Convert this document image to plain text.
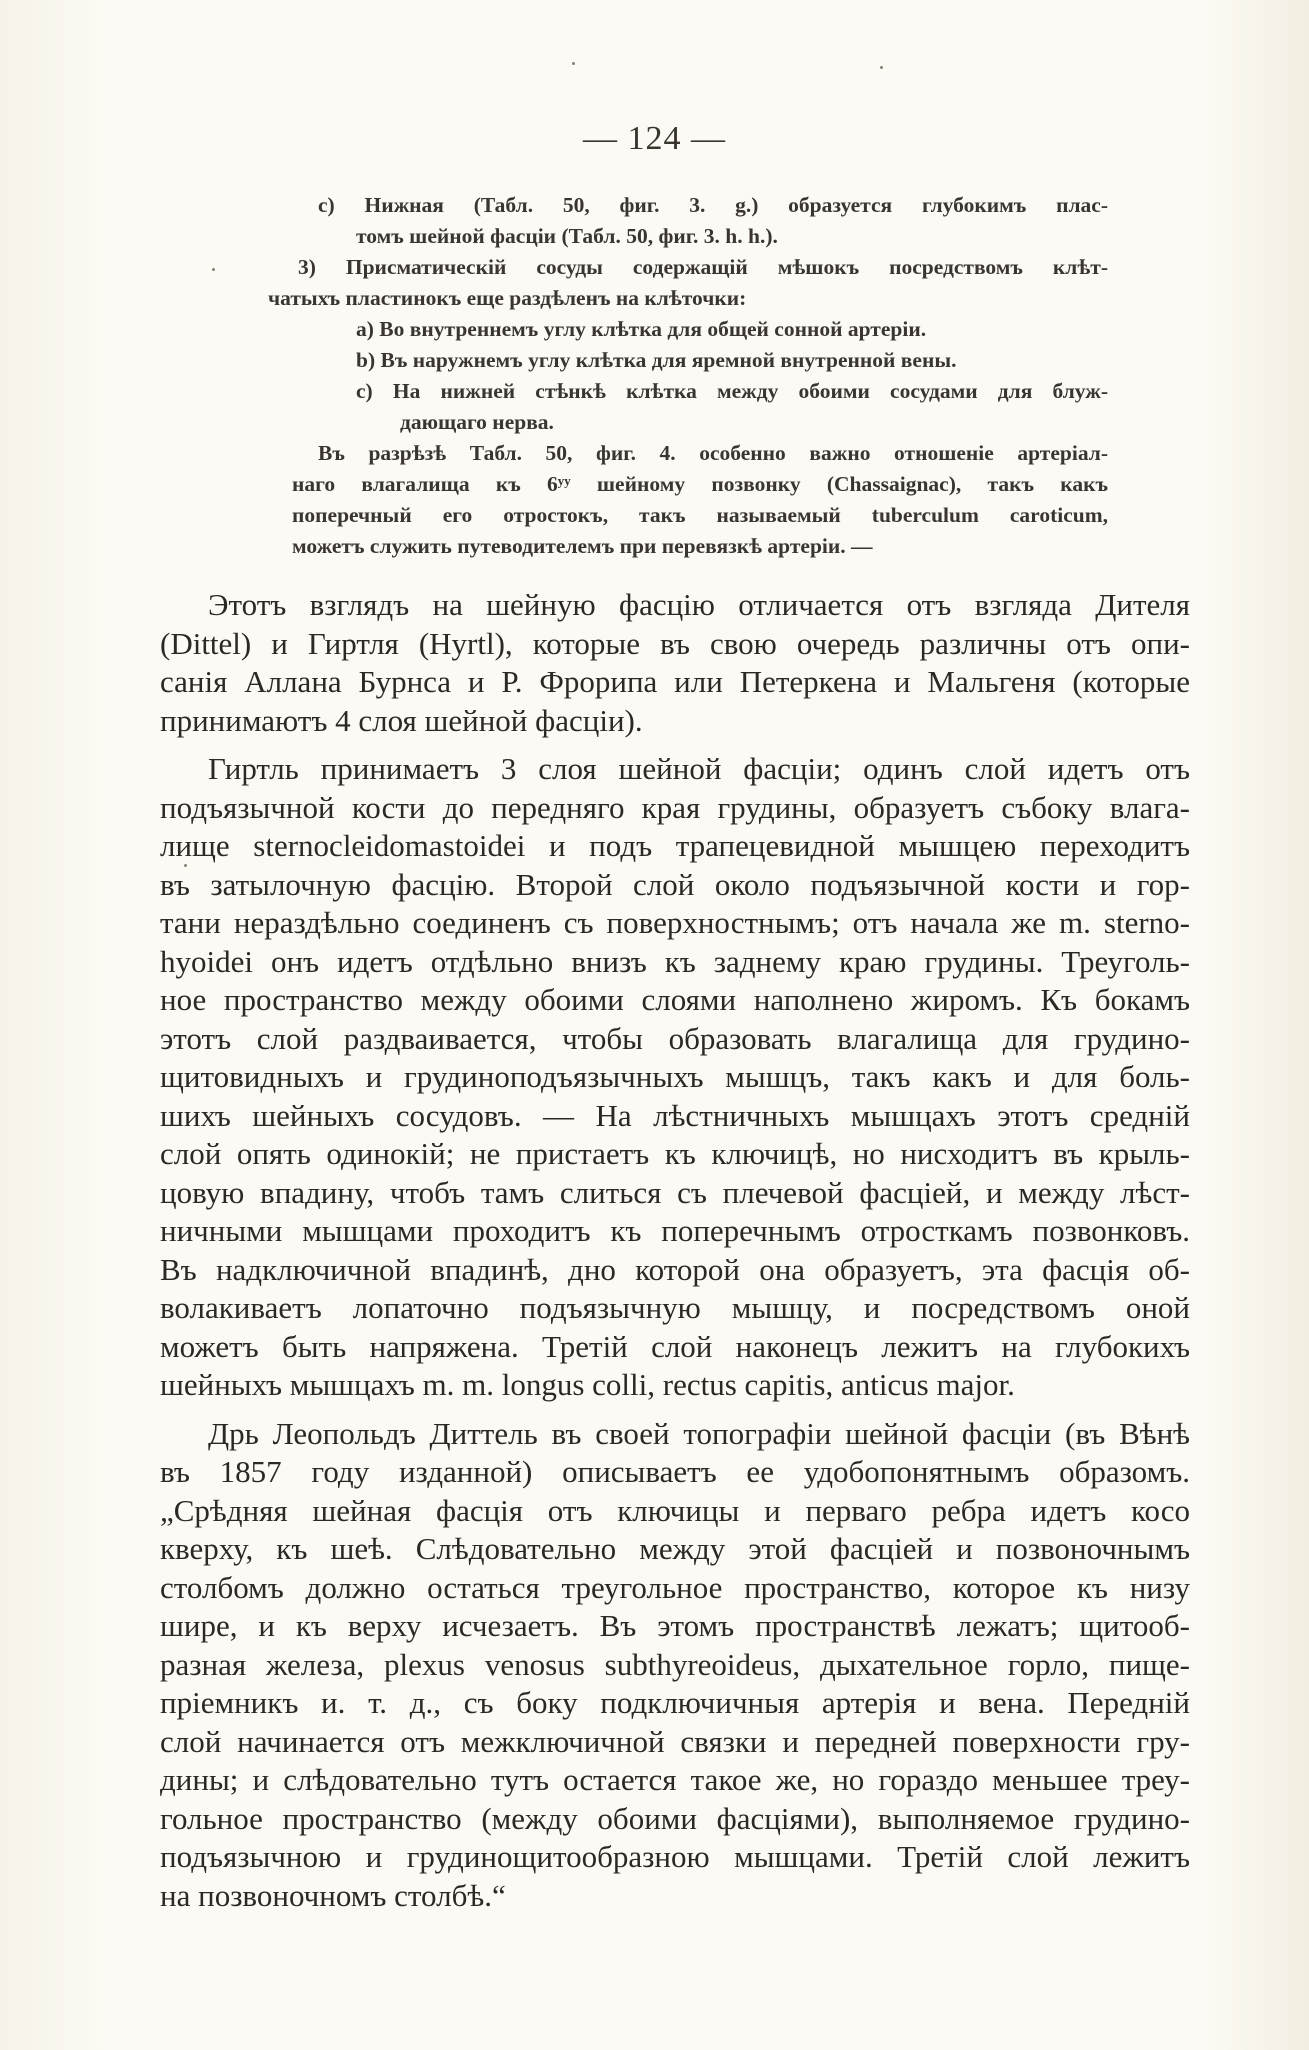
— 124 —
c) Нижная (Табл. 50, фиг. 3. g.) образуется глубокимъ плас-
томъ шейной фасціи (Табл. 50, фиг. 3. h. h.).
3) Присматическій сосуды содержащій мѣшокъ посредствомъ клѣт-
чатыхъ пластинокъ еще раздѣленъ на клѣточки:
a) Во внутреннемъ углу клѣтка для общей сонной артеріи.
b) Въ наружнемъ углу клѣтка для яремной внутренной вены.
c) На нижней стѣнкѣ клѣтка между обоими сосудами для блуж-
дающаго нерва.
Въ разрѣзѣ Табл. 50, фиг. 4. особенно важно отношеніе артеріал-
наго влагалища къ 6ʸʸ шейному позвонку (Chassaignac), такъ какъ
поперечный его отростокъ, такъ называемый tuberculum caroticum,
можетъ служить путеводителемъ при перевязкѣ артеріи. —
Этотъ взглядъ на шейную фасцію отличается отъ взгляда Дителя
(Dittel) и Гиртля (Hyrtl), которые въ свою очередь различны отъ опи-
санія Аллана Бурнса и Р. Фрорипа или Петеркена и Мальгеня (которые
принимаютъ 4 слоя шейной фасціи).
Гиртль принимаетъ 3 слоя шейной фасціи; одинъ слой идетъ отъ
подъязычной кости до передняго края грудины, образуетъ събоку влага-
лище sternocleidomastoidei и подъ трапецевидной мышцею переходитъ
въ затылочную фасцію. Второй слой около подъязычной кости и гор-
тани нераздѣльно соединенъ съ поверхностнымъ; отъ начала же m. sterno-
hyoidei онъ идетъ отдѣльно внизъ къ заднему краю грудины. Треуголь-
ное пространство между обоими слоями наполнено жиромъ. Къ бокамъ
этотъ слой раздваивается, чтобы образовать влагалища для грудино-
щитовидныхъ и грудиноподъязычныхъ мышцъ, такъ какъ и для боль-
шихъ шейныхъ сосудовъ. — На лѣстничныхъ мышцахъ этотъ средній
слой опять одинокій; не пристаетъ къ ключицѣ, но нисходитъ въ крыль-
цовую впадину, чтобъ тамъ слиться съ плечевой фасціей, и между лѣст-
ничными мышцами проходитъ къ поперечнымъ отросткамъ позвонковъ.
Въ надключичной впадинѣ, дно которой она образуетъ, эта фасція об-
волакиваетъ лопаточно подъязычную мышцу, и посредствомъ оной
можетъ быть напряжена. Третій слой наконецъ лежитъ на глубокихъ
шейныхъ мышцахъ m. m. longus colli, rectus capitis, anticus major.
Дрь Леопольдъ Диттель въ своей топографіи шейной фасціи (въ Вѣнѣ
въ 1857 году изданной) описываетъ ее удобопонятнымъ образомъ.
„Срѣдняя шейная фасція отъ ключицы и перваго ребра идетъ косо
кверху, къ шеѣ. Слѣдовательно между этой фасціей и позвоночнымъ
столбомъ должно остаться треугольное пространство, которое къ низу
шире, и къ верху исчезаетъ. Въ этомъ пространствѣ лежатъ; щитооб-
разная железа, plexus venosus subthyreoideus, дыхательное горло, пище-
пріемникъ и. т. д., съ боку подключичныя артерія и вена. Передній
слой начинается отъ межключичной связки и передней поверхности гру-
дины; и слѣдовательно тутъ остается такое же, но гораздо меньшее треу-
гольное пространство (между обоими фасціями), выполняемое грудино-
подъязычною и грудинощитообразною мышцами. Третій слой лежитъ
на позвоночномъ столбѣ.“
